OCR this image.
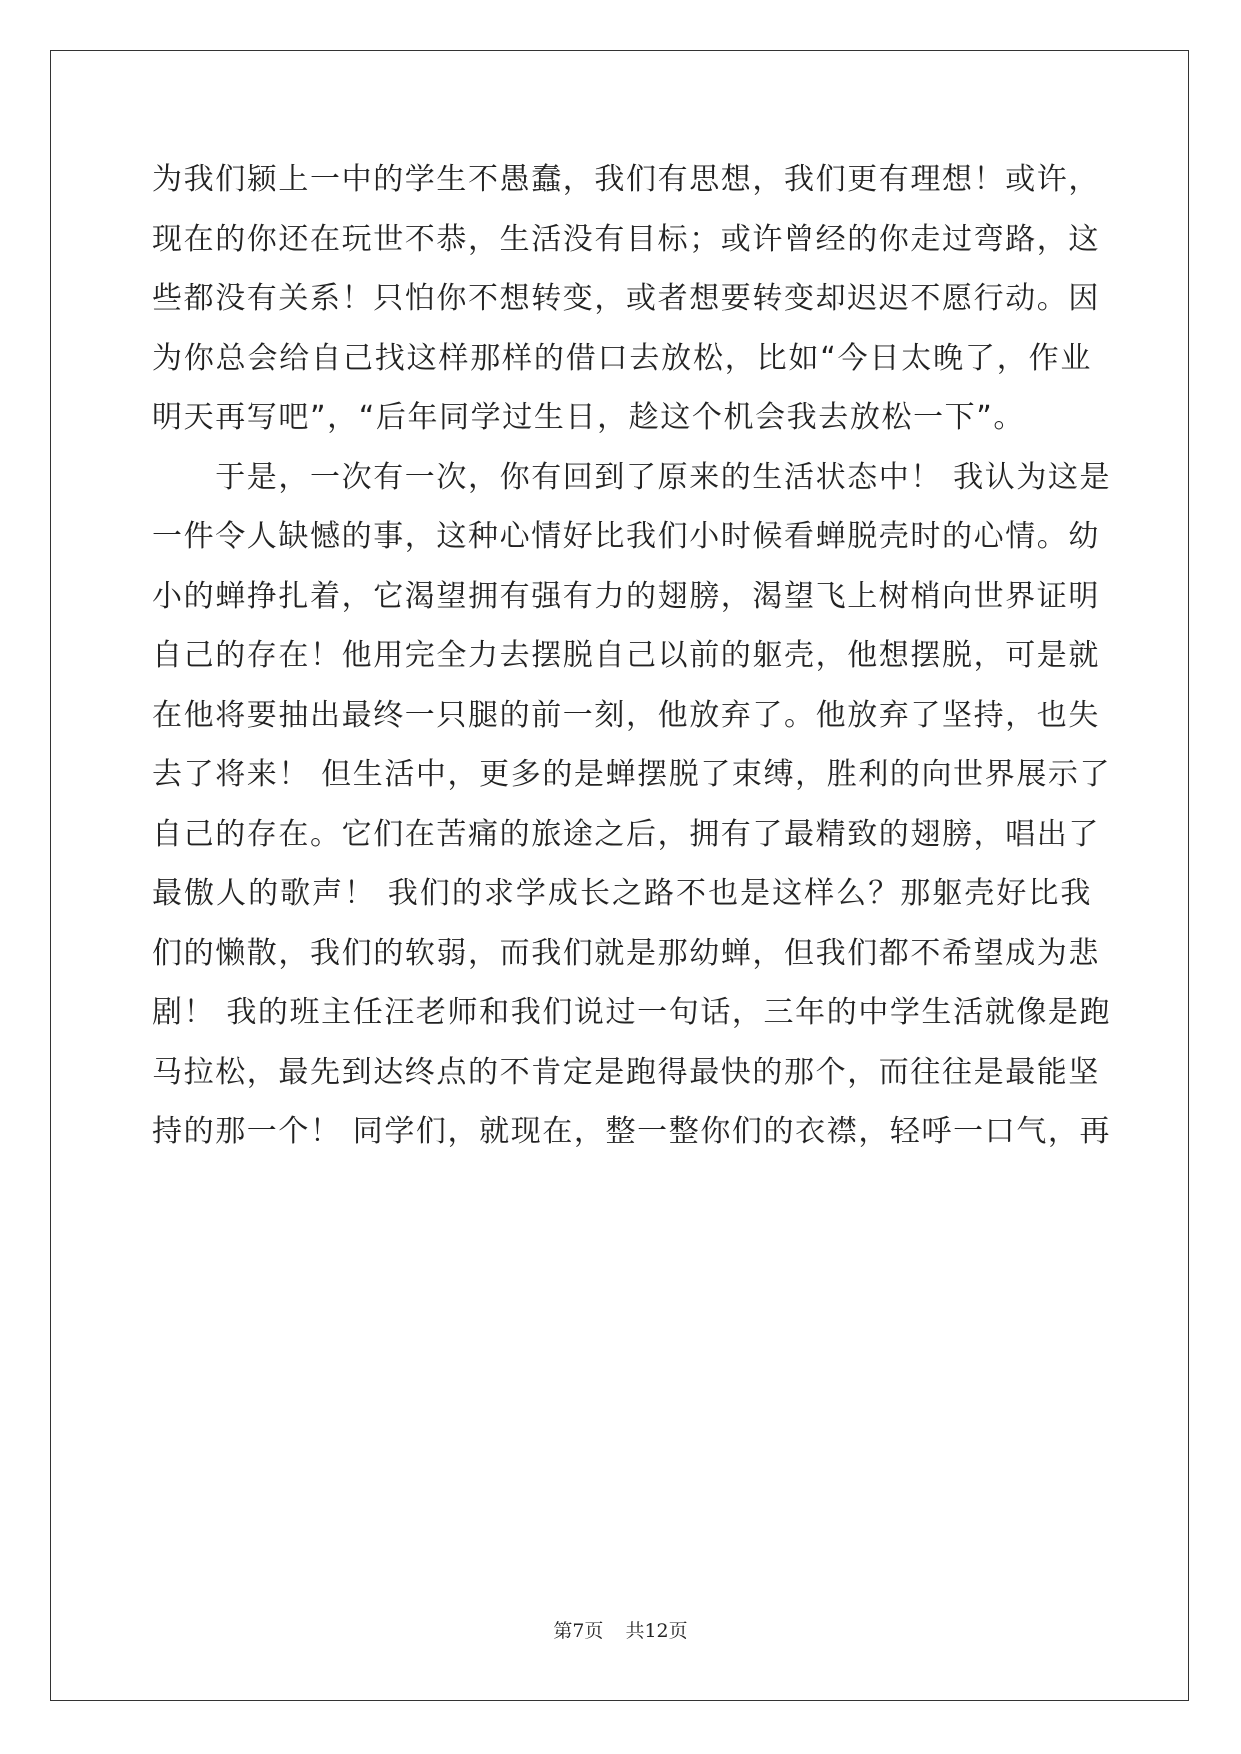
为我们颍上一中的学生不愚蠢，我们有思想，我们更有理想！或许，
现在的你还在玩世不恭，生活没有目标；或许曾经的你走过弯路，这
些都没有关系！只怕你不想转变，或者想要转变却迟迟不愿行动。因
为你总会给自己找这样那样的借口去放松，比如“今日太晚了，作业
明天再写吧”，“后年同学过生日，趁这个机会我去放松一下”。
　　于是，一次有一次，你有回到了原来的生活状态中！ 我认为这是
一件令人缺憾的事，这种心情好比我们小时候看蝉脱壳时的心情。幼
小的蝉挣扎着，它渴望拥有强有力的翅膀，渴望飞上树梢向世界证明
自己的存在！他用完全力去摆脱自己以前的躯壳，他想摆脱，可是就
在他将要抽出最终一只腿的前一刻，他放弃了。他放弃了坚持，也失
去了将来！ 但生活中，更多的是蝉摆脱了束缚，胜利的向世界展示了
自己的存在。它们在苦痛的旅途之后，拥有了最精致的翅膀，唱出了
最傲人的歌声！ 我们的求学成长之路不也是这样么？那躯壳好比我
们的懒散，我们的软弱，而我们就是那幼蝉，但我们都不希望成为悲
剧！ 我的班主任汪老师和我们说过一句话，三年的中学生活就像是跑
马拉松，最先到达终点的不肯定是跑得最快的那个，而往往是最能坚
持的那一个！ 同学们，就现在，整一整你们的衣襟，轻呼一口气，再
第7页 共12页
